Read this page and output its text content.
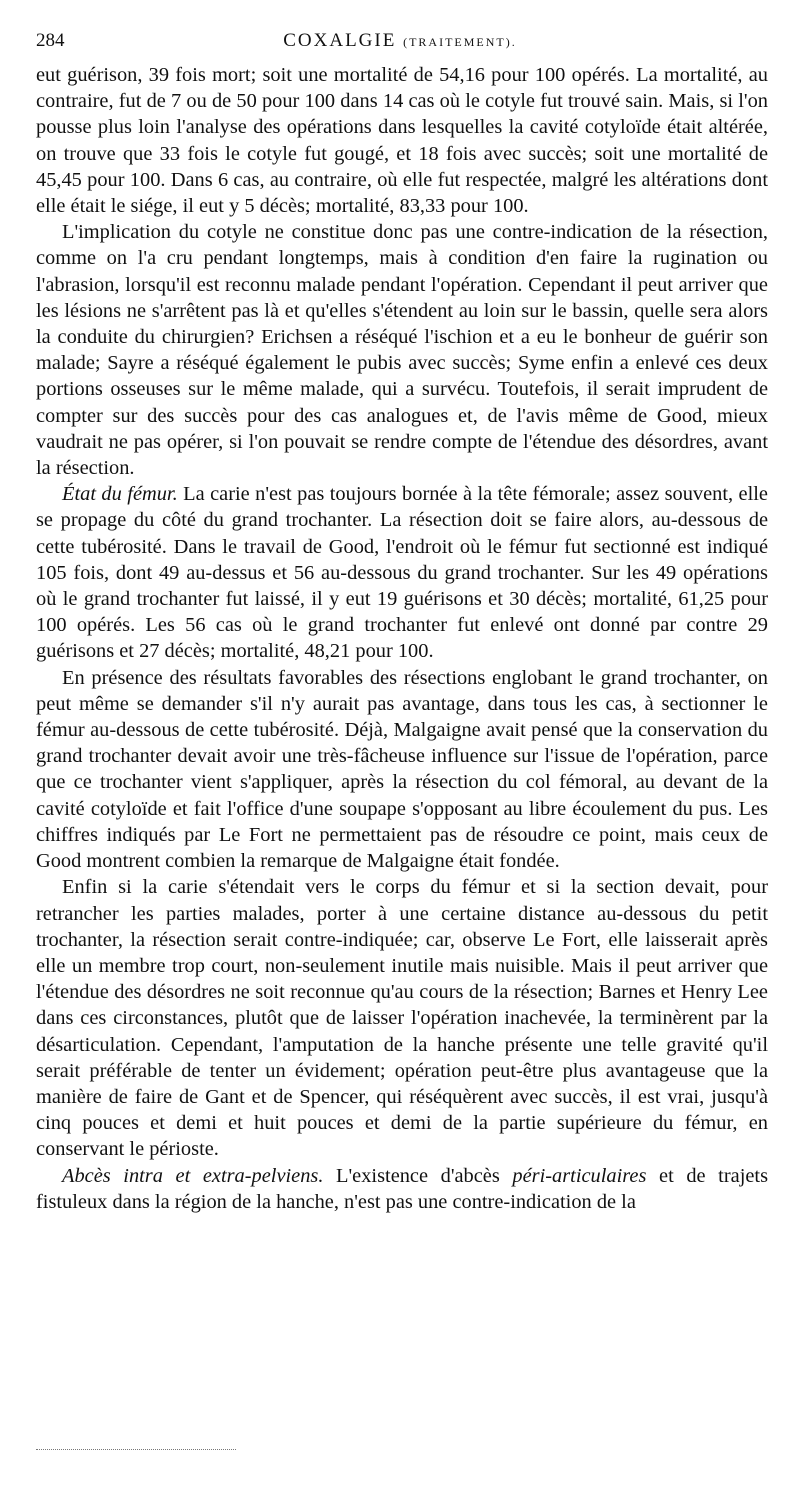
284	COXALGIE (TRAITEMENT).

eut guérison, 39 fois mort; soit une mortalité de 54,16 pour 100 opérés. La mortalité, au contraire, fut de 7 ou de 50 pour 100 dans 14 cas où le cotyle fut trouvé sain. Mais, si l'on pousse plus loin l'analyse des opérations dans lesquelles la cavité cotyloïde était altérée, on trouve que 33 fois le cotyle fut gougé, et 18 fois avec succès; soit une mortalité de 45,45 pour 100. Dans 6 cas, au contraire, où elle fut respectée, malgré les altérations dont elle était le siége, il eut y 5 décès; mortalité, 83,33 pour 100.

L'implication du cotyle ne constitue donc pas une contre-indication de la résection, comme on l'a cru pendant longtemps, mais à condition d'en faire la rugination ou l'abrasion, lorsqu'il est reconnu malade pendant l'opération. Cependant il peut arriver que les lésions ne s'arrêtent pas là et qu'elles s'étendent au loin sur le bassin, quelle sera alors la conduite du chirurgien? Erichsen a réséqué l'ischion et a eu le bonheur de guérir son malade; Sayre a réséqué également le pubis avec succès; Syme enfin a enlevé ces deux portions osseuses sur le même malade, qui a survécu. Toutefois, il serait imprudent de compter sur des succès pour des cas analogues et, de l'avis même de Good, mieux vaudrait ne pas opérer, si l'on pouvait se rendre compte de l'étendue des désordres, avant la résection.

État du fémur. La carie n'est pas toujours bornée à la tête fémorale; assez souvent, elle se propage du côté du grand trochanter. La résection doit se faire alors, au-dessous de cette tubérosité. Dans le travail de Good, l'endroit où le fémur fut sectionné est indiqué 105 fois, dont 49 au-dessus et 56 au-dessous du grand trochanter. Sur les 49 opérations où le grand trochanter fut laissé, il y eut 19 guérisons et 30 décès; mortalité, 61,25 pour 100 opérés. Les 56 cas où le grand trochanter fut enlevé ont donné par contre 29 guérisons et 27 décès; mortalité, 48,21 pour 100.

En présence des résultats favorables des résections englobant le grand trochanter, on peut même se demander s'il n'y aurait pas avantage, dans tous les cas, à sectionner le fémur au-dessous de cette tubérosité. Déjà, Malgaigne avait pensé que la conservation du grand trochanter devait avoir une très-fâcheuse influence sur l'issue de l'opération, parce que ce trochanter vient s'appliquer, après la résection du col fémoral, au devant de la cavité cotyloïde et fait l'office d'une soupape s'opposant au libre écoulement du pus. Les chiffres indiqués par Le Fort ne permettaient pas de résoudre ce point, mais ceux de Good montrent combien la remarque de Malgaigne était fondée.

Enfin si la carie s'étendait vers le corps du fémur et si la section devait, pour retrancher les parties malades, porter à une certaine distance au-dessous du petit trochanter, la résection serait contre-indiquée; car, observe Le Fort, elle laisserait après elle un membre trop court, non-seulement inutile mais nuisible. Mais il peut arriver que l'étendue des désordres ne soit reconnue qu'au cours de la résection; Barnes et Henry Lee dans ces circonstances, plutôt que de laisser l'opération inachevée, la terminèrent par la désarticulation. Cependant, l'amputation de la hanche présente une telle gravité qu'il serait préférable de tenter un évidement; opération peut-être plus avantageuse que la manière de faire de Gant et de Spencer, qui réséquèrent avec succès, il est vrai, jusqu'à cinq pouces et demi et huit pouces et demi de la partie supérieure du fémur, en conservant le périoste.

Abcès intra et extra-pelviens. L'existence d'abcès péri-articulaires et de trajets fistuleux dans la région de la hanche, n'est pas une contre-indication de la
